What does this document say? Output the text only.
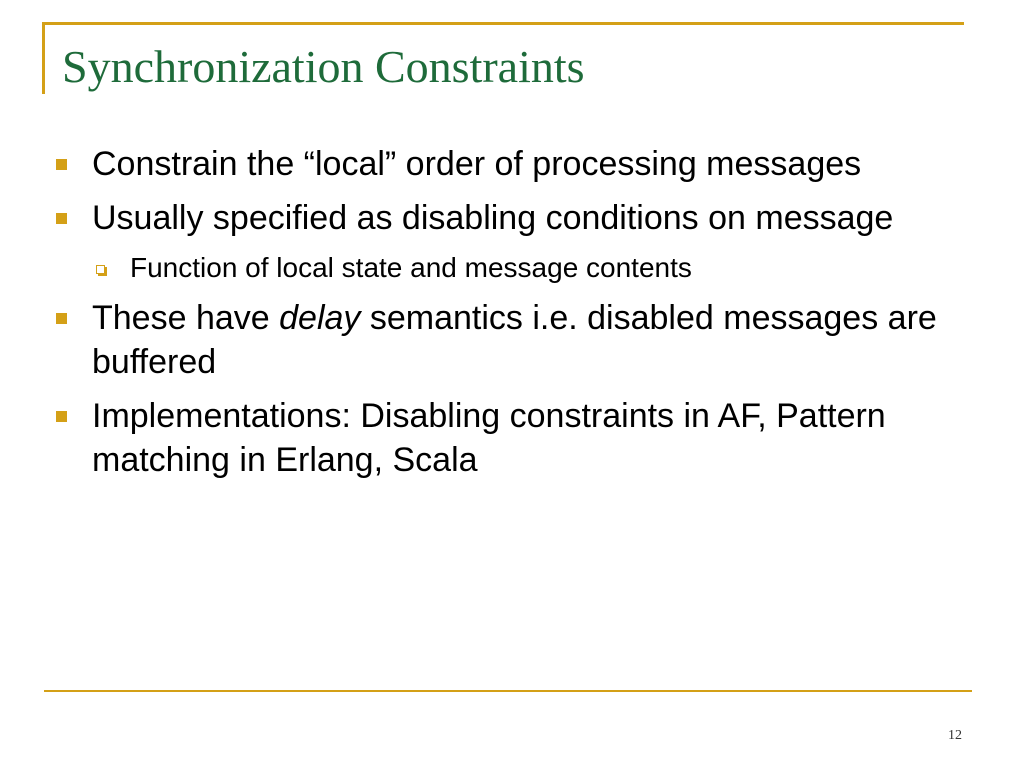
Synchronization Constraints
Constrain the “local” order of processing messages
Usually specified as disabling conditions on message
Function of local state and message contents
These have delay semantics i.e. disabled messages are buffered
Implementations: Disabling constraints in AF, Pattern matching in Erlang, Scala
12
